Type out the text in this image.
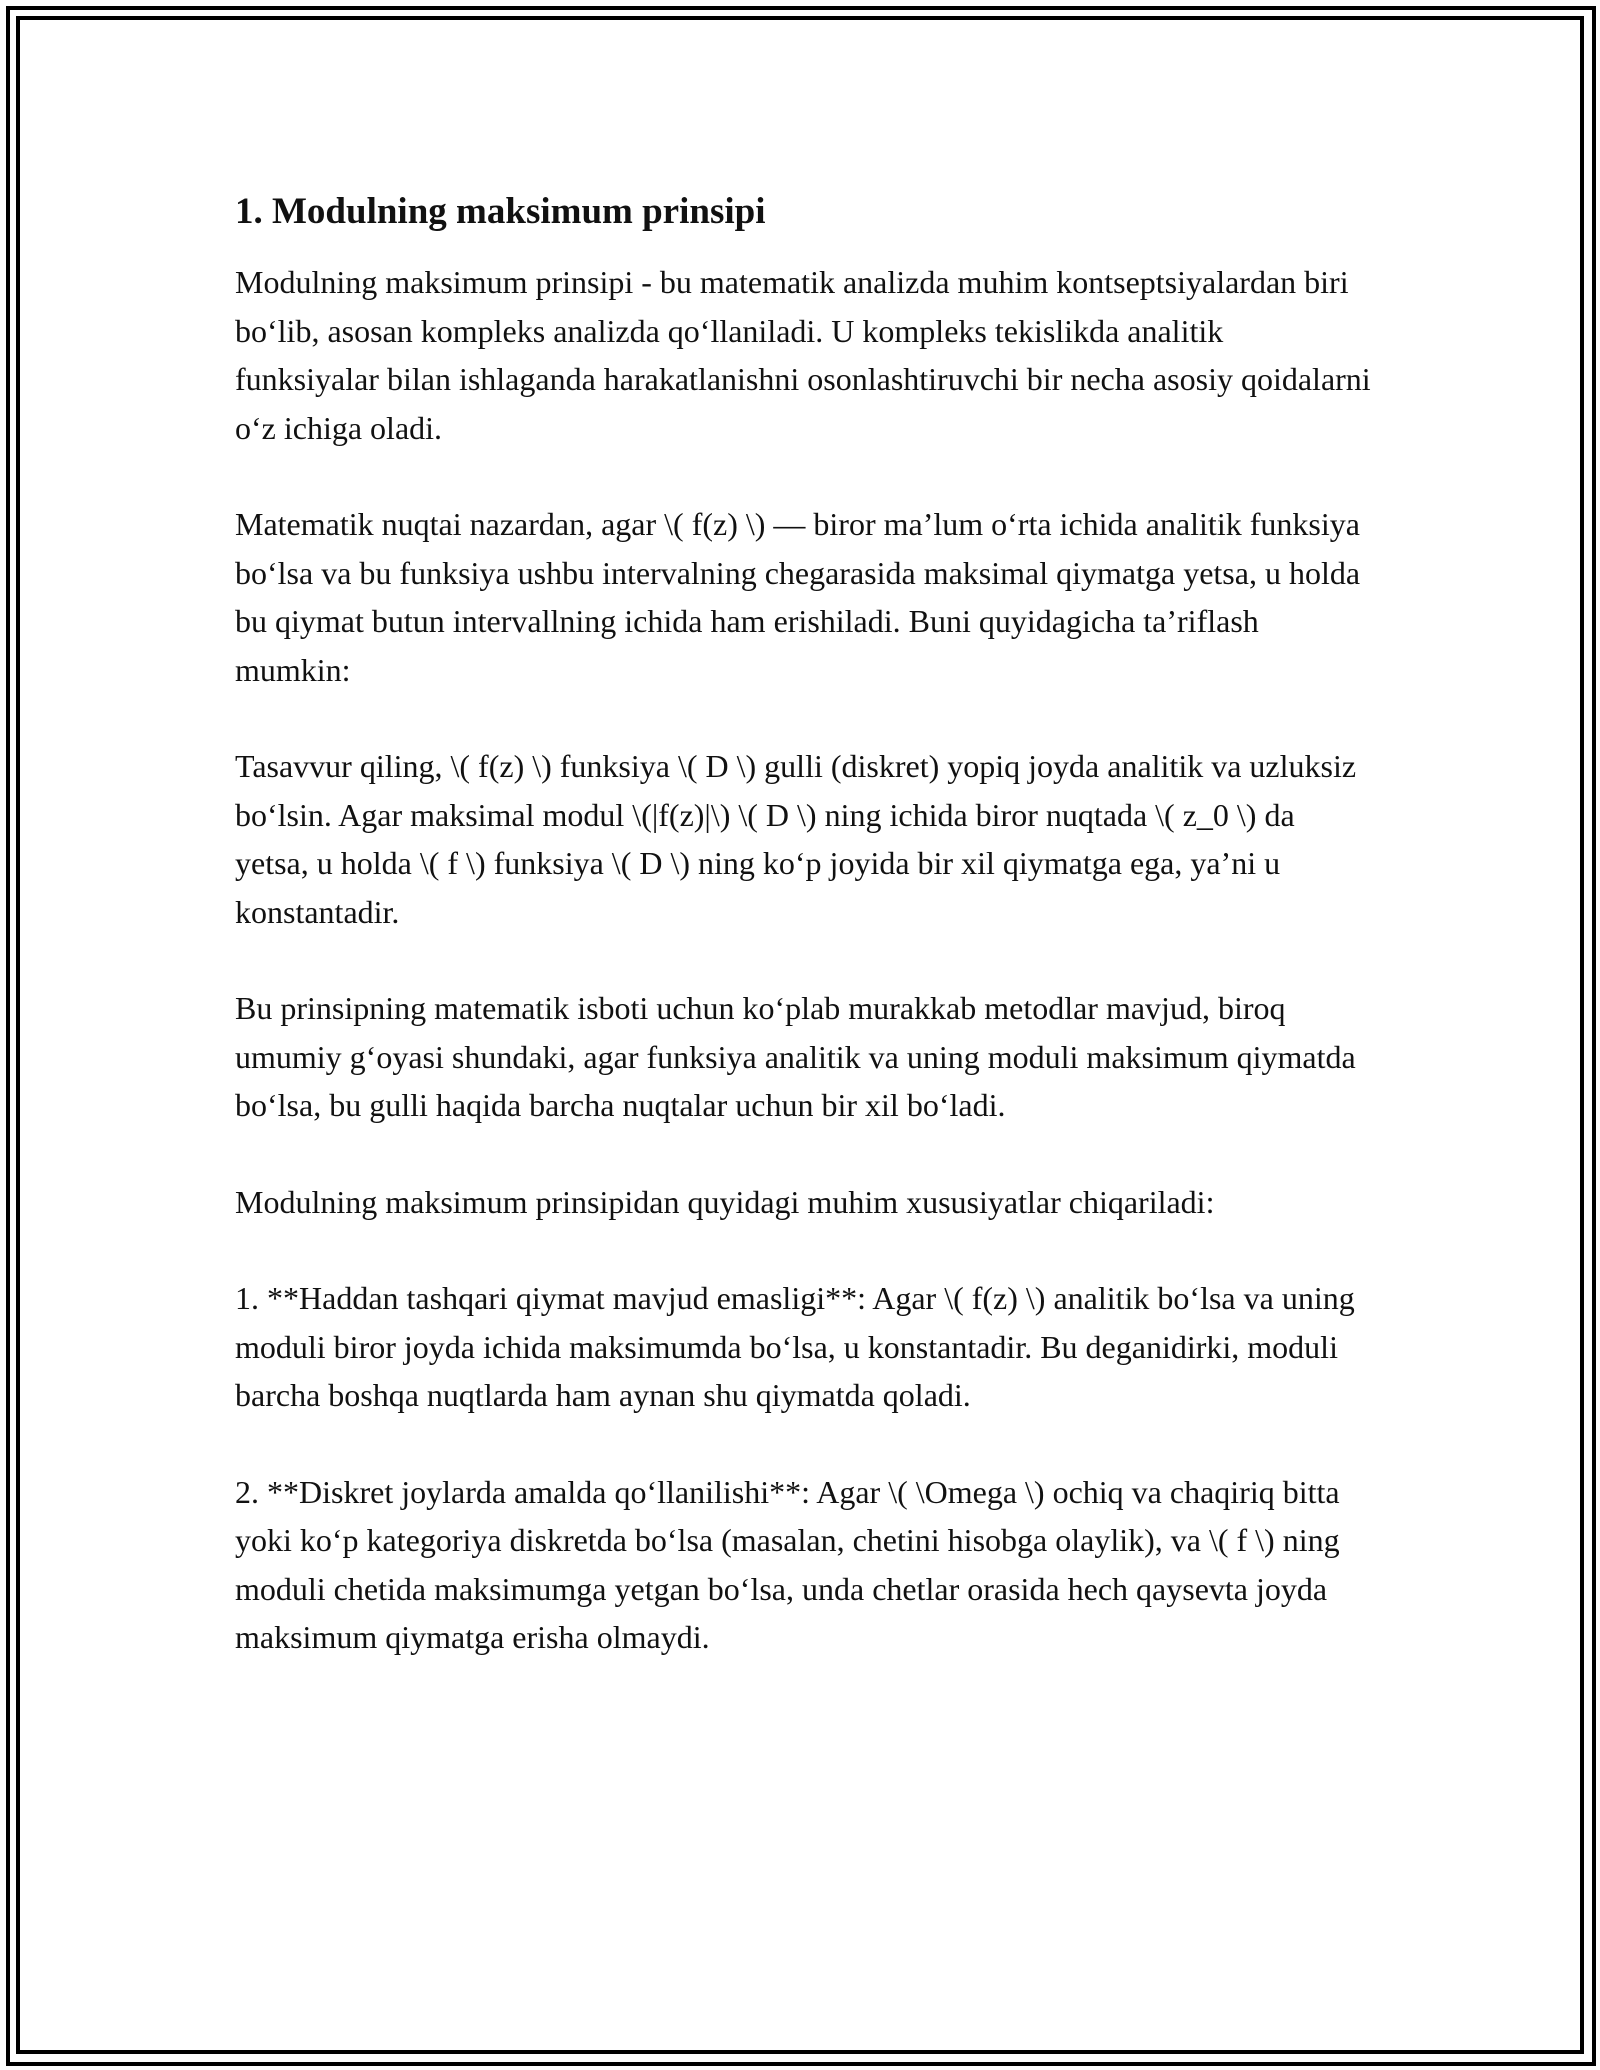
1. Modulning maksimum prinsipi

Modulning maksimum prinsipi - bu matematik analizda muhim kontseptsiyalardan biri bo‘lib, asosan kompleks analizda qo‘llaniladi. U kompleks tekislikda analitik funksiyalar bilan ishlaganda harakatlanishni osonlashtiruvchi bir necha asosiy qoidalarni o‘z ichiga oladi.

Matematik nuqtai nazardan, agar \( f(z) \) — biror ma’lum o‘rta ichida analitik funksiya bo‘lsa va bu funksiya ushbu intervalning chegarasida maksimal qiymatga yetsa, u holda bu qiymat butun intervallning ichida ham erishiladi. Buni quyidagicha ta’riflash mumkin:

Tasavvur qiling, \( f(z) \) funksiya \( D \) gulli (diskret) yopiq joyda analitik va uzluksiz bo‘lsin. Agar maksimal modul \(|f(z)|\) \( D \) ning ichida biror nuqtada \( z_0 \) da yetsa, u holda \( f \) funksiya \( D \) ning ko‘p joyida bir xil qiymatga ega, ya’ni u konstantadir.

Bu prinsipning matematik isboti uchun ko‘plab murakkab metodlar mavjud, biroq umumiy g‘oyasi shundaki, agar funksiya analitik va uning moduli maksimum qiymatda bo‘lsa, bu gulli haqida barcha nuqtalar uchun bir xil bo‘ladi.

Modulning maksimum prinsipidan quyidagi muhim xususiyatlar chiqariladi:

1. **Haddan tashqari qiymat mavjud emasligi**: Agar \( f(z) \) analitik bo‘lsa va uning moduli biror joyda ichida maksimumda bo‘lsa, u konstantadir. Bu deganidirki, moduli barcha boshqa nuqtlarda ham aynan shu qiymatda qoladi.

2. **Diskret joylarda amalda qo‘llanilishi**: Agar \( \Omega \) ochiq va chaqiriq bitta yoki ko‘p kategoriya diskretda bo‘lsa (masalan, chetini hisobga olaylik), va \( f \) ning moduli chetida maksimumga yetgan bo‘lsa, unda chetlar orasida hech qaysevta joyda maksimum qiymatga erisha olmaydi.
